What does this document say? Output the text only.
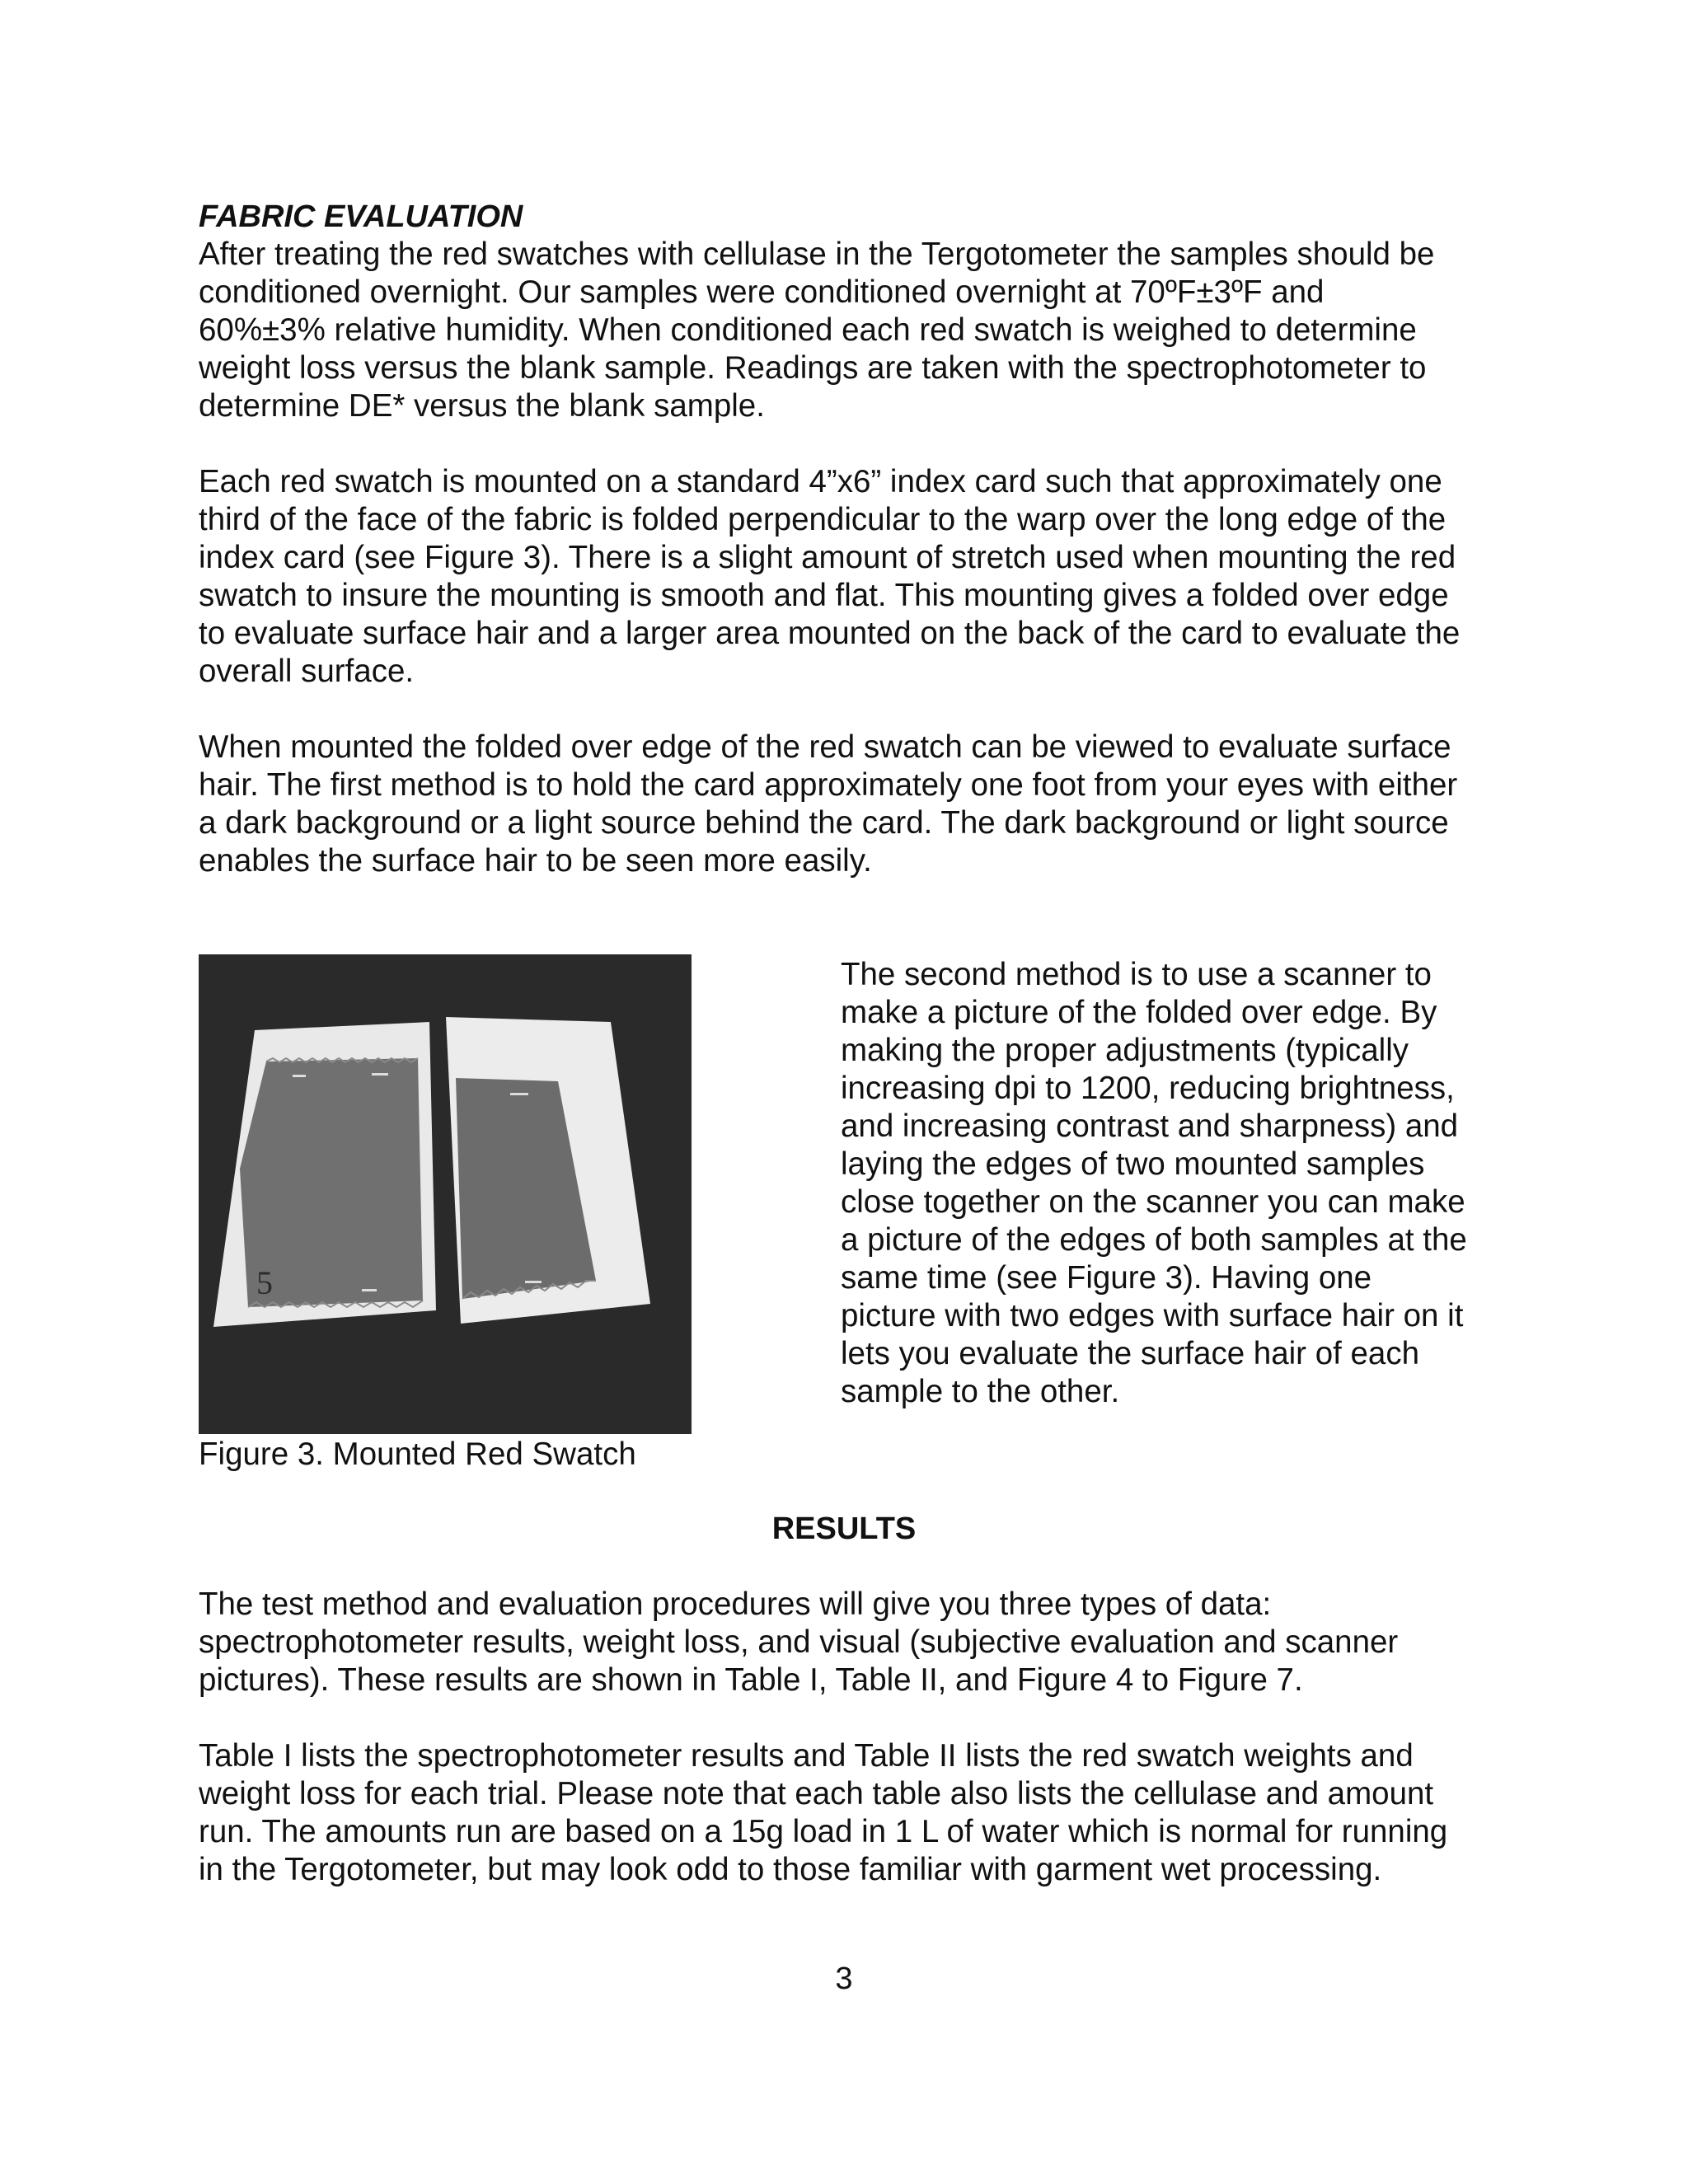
FABRIC EVALUATION

After treating the red swatches with cellulase in the Tergotometer the samples should be
conditioned overnight. Our samples were conditioned overnight at 70ºF±3ºF and
60%±3% relative humidity. When conditioned each red swatch is weighed to determine
weight loss versus the blank sample. Readings are taken with the spectrophotometer to
determine DE* versus the blank sample.

Each red swatch is mounted on a standard 4”x6” index card such that approximately one
third of the face of the fabric is folded perpendicular to the warp over the long edge of the
index card (see Figure 3). There is a slight amount of stretch used when mounting the red
swatch to insure the mounting is smooth and flat. This mounting gives a folded over edge
to evaluate surface hair and a larger area mounted on the back of the card to evaluate the
overall surface.

When mounted the folded over edge of the red swatch can be viewed to evaluate surface
hair. The first method is to hold the card approximately one foot from your eyes with either
a dark background or a light source behind the card. The dark background or light source
enables the surface hair to be seen more easily.

5

Figure 3. Mounted Red Swatch

The second method is to use a scanner to
make a picture of the folded over edge. By
making the proper adjustments (typically
increasing dpi to 1200, reducing brightness,
and increasing contrast and sharpness) and
laying the edges of two mounted samples
close together on the scanner you can make
a picture of the edges of both samples at the
same time (see Figure 3). Having one
picture with two edges with surface hair on it
lets you evaluate the surface hair of each
sample to the other.

RESULTS

The test method and evaluation procedures will give you three types of data:
spectrophotometer results, weight loss, and visual (subjective evaluation and scanner
pictures). These results are shown in Table I, Table II, and Figure 4 to Figure 7.

Table I lists the spectrophotometer results and Table II lists the red swatch weights and
weight loss for each trial. Please note that each table also lists the cellulase and amount
run. The amounts run are based on a 15g load in 1 L of water which is normal for running
in the Tergotometer, but may look odd to those familiar with garment wet processing.

3
